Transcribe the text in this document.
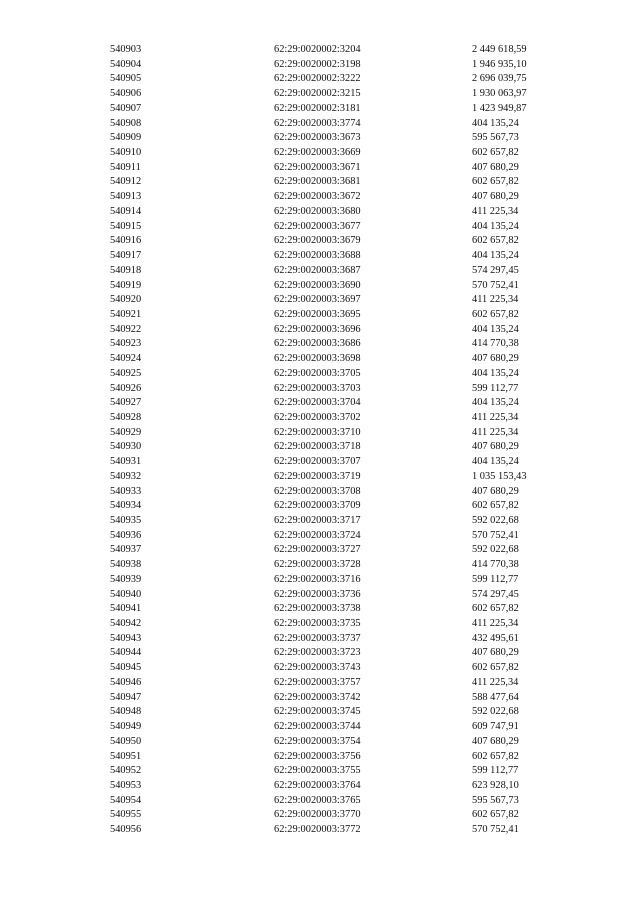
540903	62:29:0020002:3204	2 449 618,59
540904	62:29:0020002:3198	1 946 935,10
540905	62:29:0020002:3222	2 696 039,75
540906	62:29:0020002:3215	1 930 063,97
540907	62:29:0020002:3181	1 423 949,87
540908	62:29:0020003:3774	404 135,24
540909	62:29:0020003:3673	595 567,73
540910	62:29:0020003:3669	602 657,82
540911	62:29:0020003:3671	407 680,29
540912	62:29:0020003:3681	602 657,82
540913	62:29:0020003:3672	407 680,29
540914	62:29:0020003:3680	411 225,34
540915	62:29:0020003:3677	404 135,24
540916	62:29:0020003:3679	602 657,82
540917	62:29:0020003:3688	404 135,24
540918	62:29:0020003:3687	574 297,45
540919	62:29:0020003:3690	570 752,41
540920	62:29:0020003:3697	411 225,34
540921	62:29:0020003:3695	602 657,82
540922	62:29:0020003:3696	404 135,24
540923	62:29:0020003:3686	414 770,38
540924	62:29:0020003:3698	407 680,29
540925	62:29:0020003:3705	404 135,24
540926	62:29:0020003:3703	599 112,77
540927	62:29:0020003:3704	404 135,24
540928	62:29:0020003:3702	411 225,34
540929	62:29:0020003:3710	411 225,34
540930	62:29:0020003:3718	407 680,29
540931	62:29:0020003:3707	404 135,24
540932	62:29:0020003:3719	1 035 153,43
540933	62:29:0020003:3708	407 680,29
540934	62:29:0020003:3709	602 657,82
540935	62:29:0020003:3717	592 022,68
540936	62:29:0020003:3724	570 752,41
540937	62:29:0020003:3727	592 022,68
540938	62:29:0020003:3728	414 770,38
540939	62:29:0020003:3716	599 112,77
540940	62:29:0020003:3736	574 297,45
540941	62:29:0020003:3738	602 657,82
540942	62:29:0020003:3735	411 225,34
540943	62:29:0020003:3737	432 495,61
540944	62:29:0020003:3723	407 680,29
540945	62:29:0020003:3743	602 657,82
540946	62:29:0020003:3757	411 225,34
540947	62:29:0020003:3742	588 477,64
540948	62:29:0020003:3745	592 022,68
540949	62:29:0020003:3744	609 747,91
540950	62:29:0020003:3754	407 680,29
540951	62:29:0020003:3756	602 657,82
540952	62:29:0020003:3755	599 112,77
540953	62:29:0020003:3764	623 928,10
540954	62:29:0020003:3765	595 567,73
540955	62:29:0020003:3770	602 657,82
540956	62:29:0020003:3772	570 752,41
